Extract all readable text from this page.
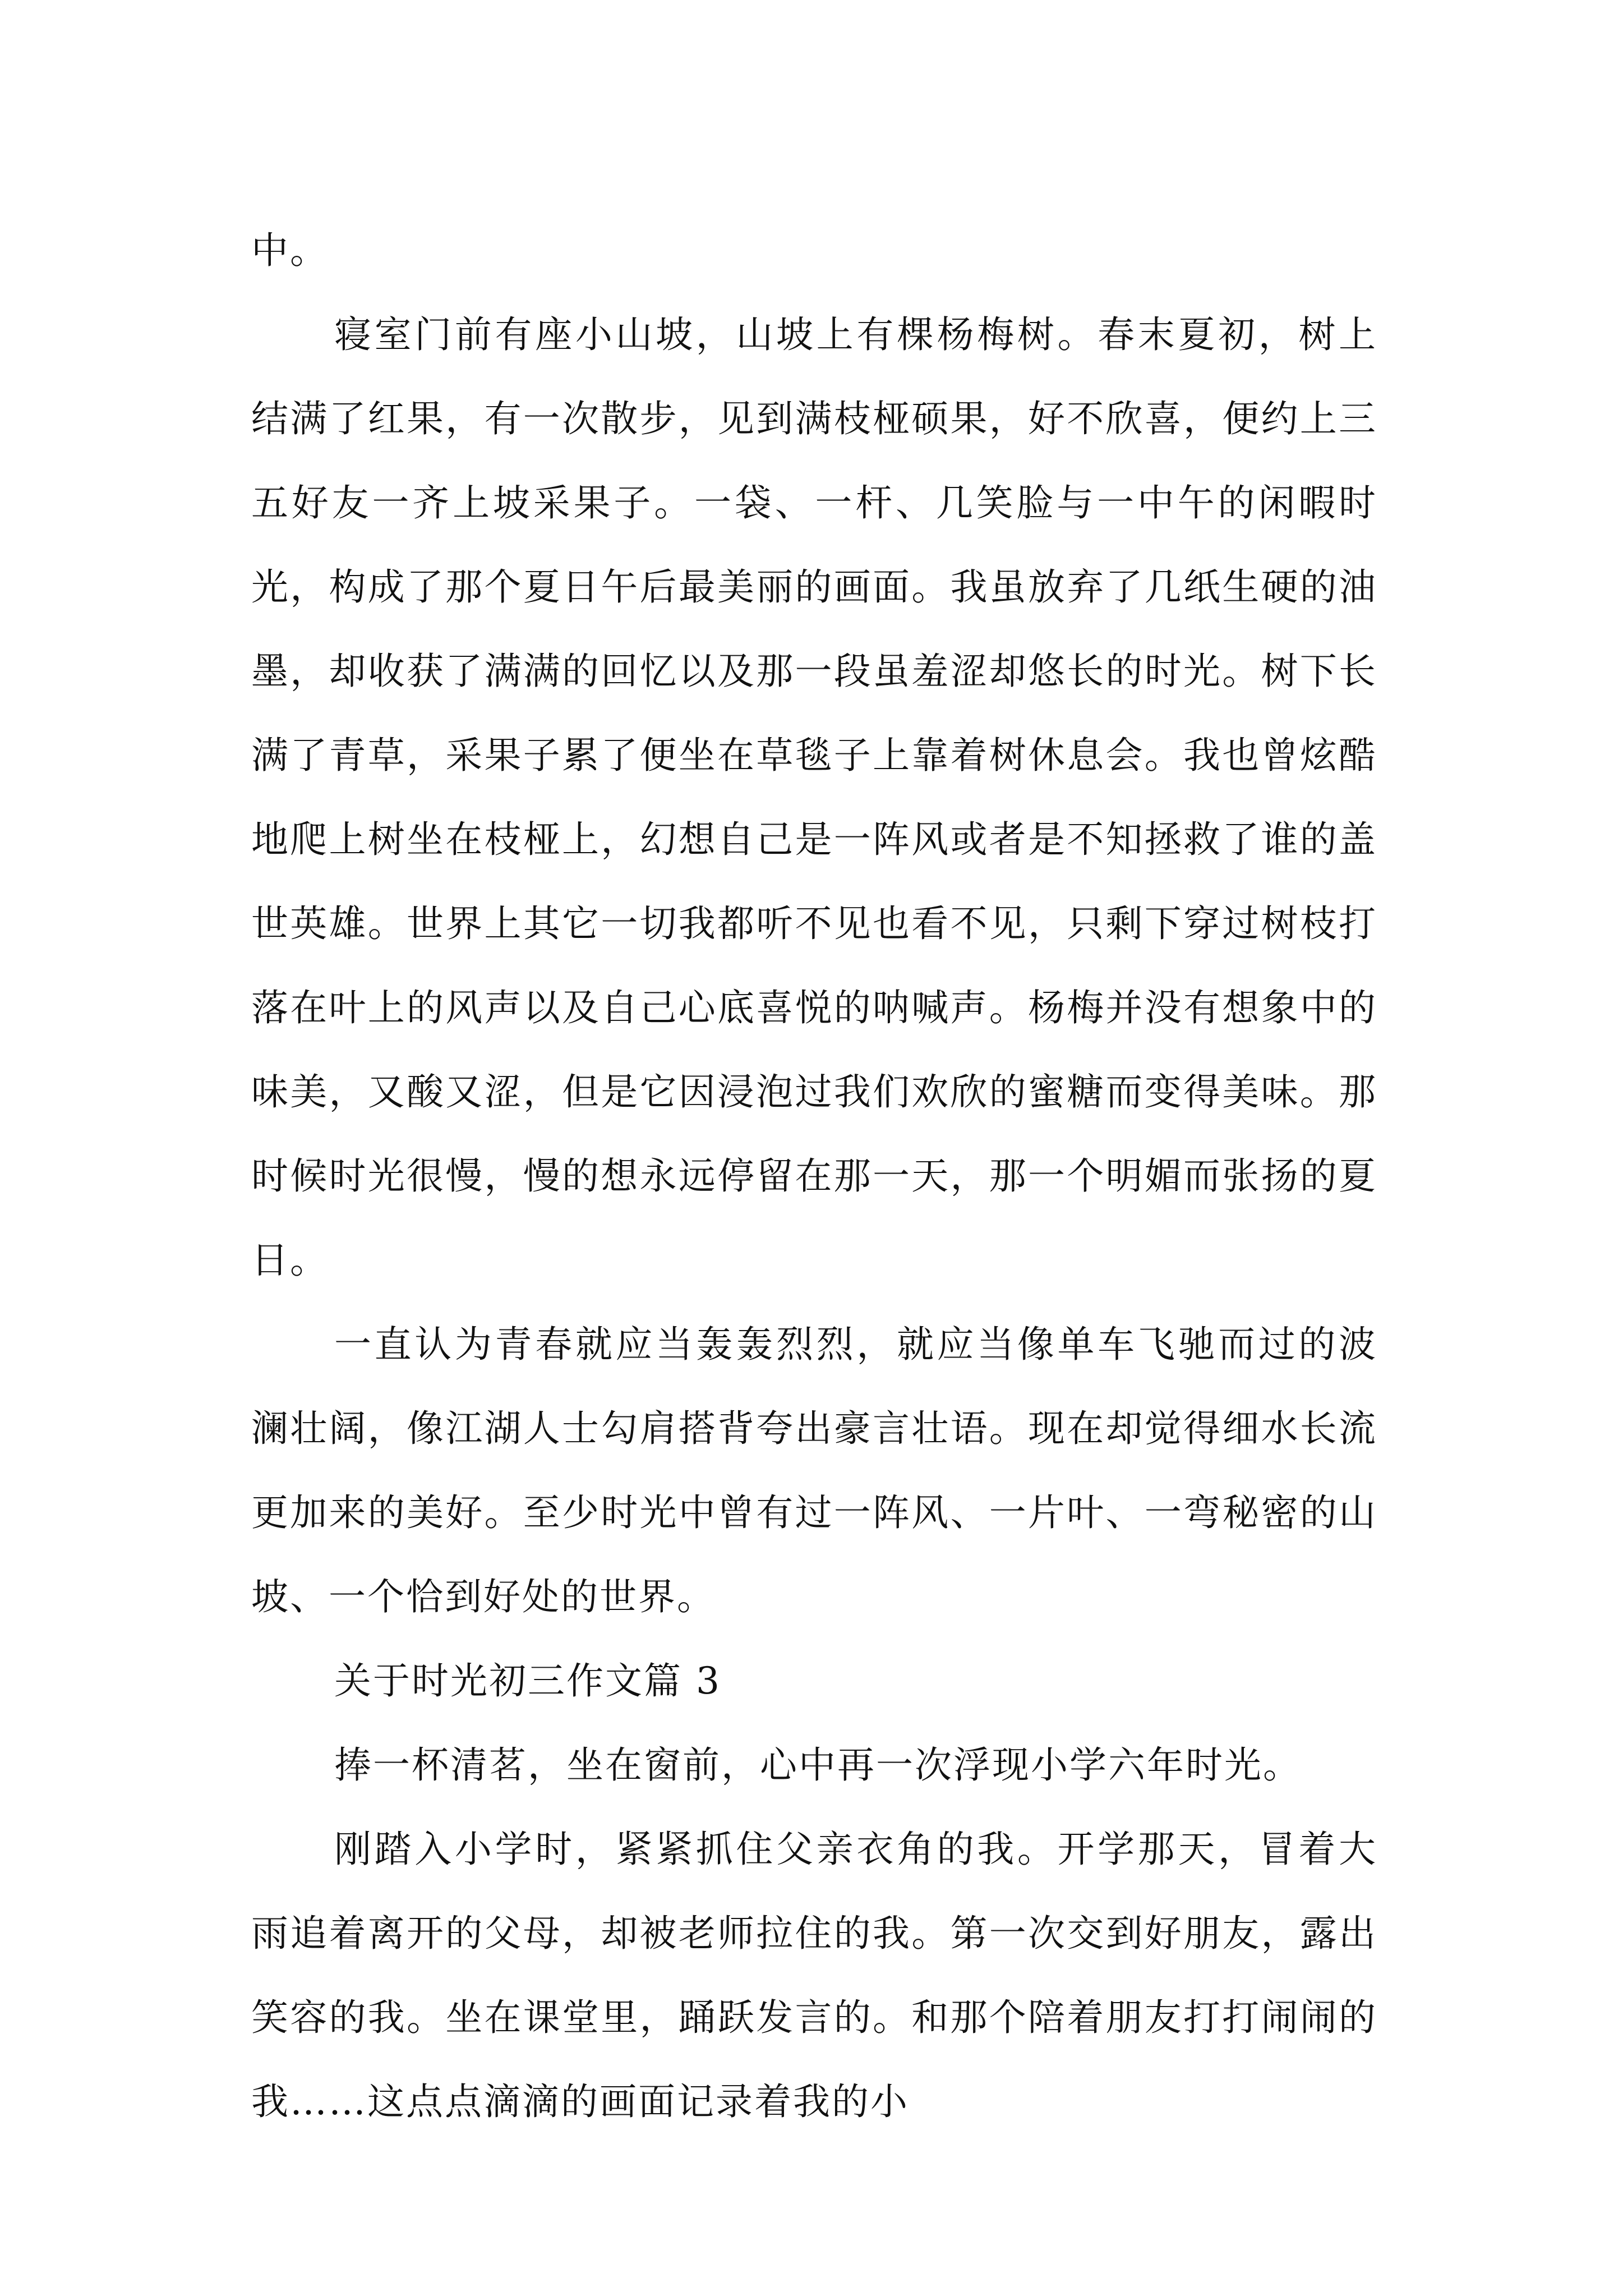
中。

寝室门前有座小山坡，山坡上有棵杨梅树。春末夏初，树上结满了红果，有一次散步，见到满枝桠硕果，好不欣喜，便约上三五好友一齐上坡采果子。一袋、一杆、几笑脸与一中午的闲暇时光，构成了那个夏日午后最美丽的画面。我虽放弃了几纸生硬的油墨，却收获了满满的回忆以及那一段虽羞涩却悠长的时光。树下长满了青草，采果子累了便坐在草毯子上靠着树休息会。我也曾炫酷地爬上树坐在枝桠上，幻想自己是一阵风或者是不知拯救了谁的盖世英雄。世界上其它一切我都听不见也看不见，只剩下穿过树枝打落在叶上的风声以及自己心底喜悦的呐喊声。杨梅并没有想象中的味美，又酸又涩，但是它因浸泡过我们欢欣的蜜糖而变得美味。那时候时光很慢，慢的想永远停留在那一天，那一个明媚而张扬的夏日。

一直认为青春就应当轰轰烈烈，就应当像单车飞驰而过的波澜壮阔，像江湖人士勾肩搭背夸出豪言壮语。现在却觉得细水长流更加来的美好。至少时光中曾有过一阵风、一片叶、一弯秘密的山坡、一个恰到好处的世界。

关于时光初三作文篇 3

捧一杯清茗，坐在窗前，心中再一次浮现小学六年时光。

刚踏入小学时，紧紧抓住父亲衣角的我。开学那天，冒着大雨追着离开的父母，却被老师拉住的我。第一次交到好朋友，露出笑容的我。坐在课堂里，踊跃发言的。和那个陪着朋友打打闹闹的我……这点点滴滴的画面记录着我的小
